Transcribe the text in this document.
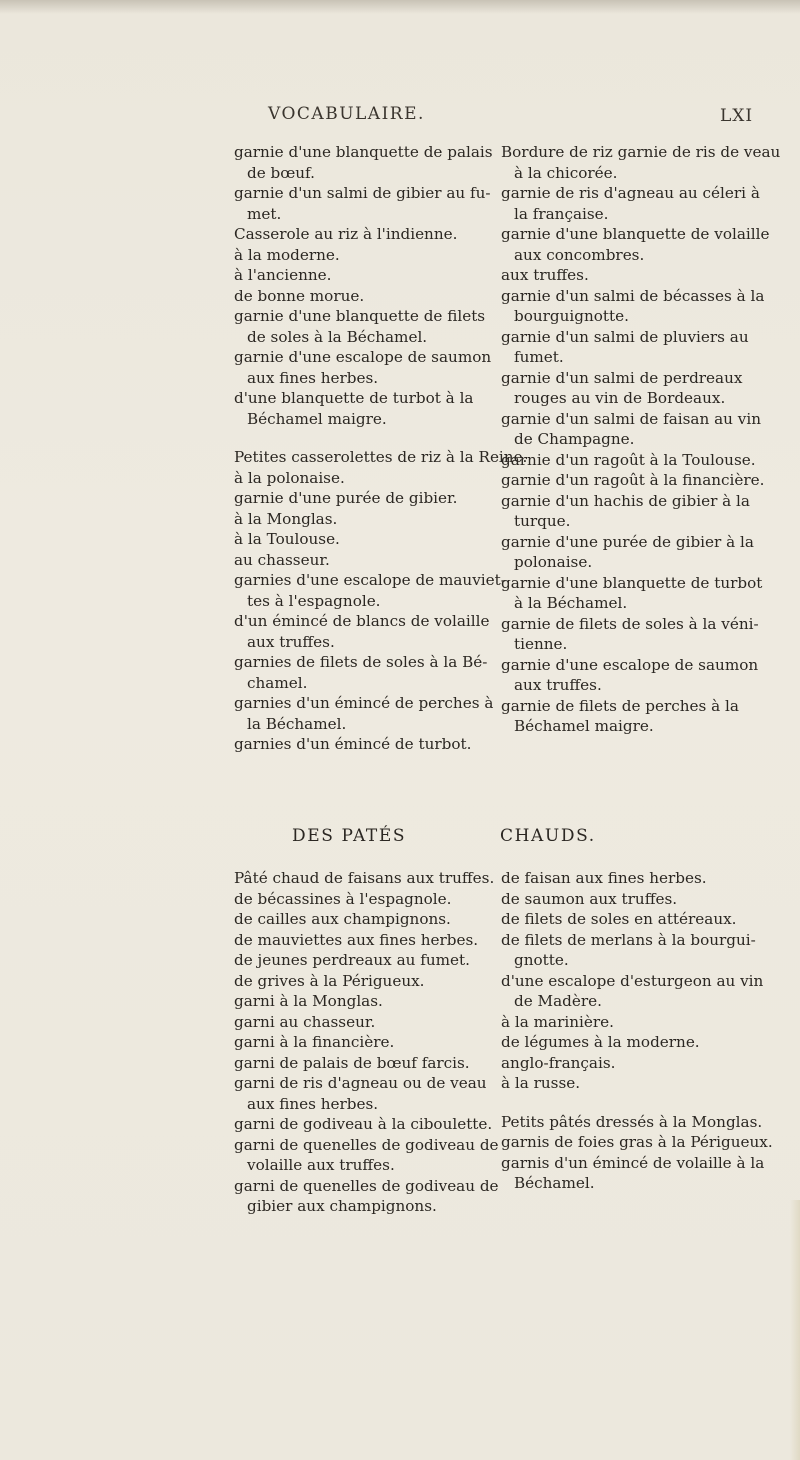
VOCABULAIRE.	LXI
garnie d'une blanquette de palais
de bœuf.
garnie d'un salmi de gibier au fu-
met.
Casserole au riz à l'indienne.
à la moderne.
à l'ancienne.
de bonne morue.
garnie d'une blanquette de filets
de soles à la Béchamel.
garnie d'une escalope de saumon
aux fines herbes.
d'une blanquette de turbot à la
Béchamel maigre.
Petites casserolettes de riz à la Reine.
à la polonaise.
garnie d'une purée de gibier.
à la Monglas.
à la Toulouse.
au chasseur.
garnies d'une escalope de mauviet-
tes à l'espagnole.
d'un émincé de blancs de volaille
aux truffes.
garnies de filets de soles à la Bé-
chamel.
garnies d'un émincé de perches à
la Béchamel.
garnies d'un émincé de turbot.
Bordure de riz garnie de ris de veau
à la chicorée.
garnie de ris d'agneau au céleri à
la française.
garnie d'une blanquette de volaille
aux concombres.
aux truffes.
garnie d'un salmi de bécasses à la
bourguignotte.
garnie d'un salmi de pluviers au
fumet.
garnie d'un salmi de perdreaux
rouges au vin de Bordeaux.
garnie d'un salmi de faisan au vin
de Champagne.
garnie d'un ragoût à la Toulouse.
garnie d'un ragoût à la financière.
garnie d'un hachis de gibier à la
turque.
garnie d'une purée de gibier à la
polonaise.
garnie d'une blanquette de turbot
à la Béchamel.
garnie de filets de soles à la véni-
tienne.
garnie d'une escalope de saumon
aux truffes.
garnie de filets de perches à la
Béchamel maigre.
DES PATÉS	CHAUDS.
Pâté chaud de faisans aux truffes.
de bécassines à l'espagnole.
de cailles aux champignons.
de mauviettes aux fines herbes.
de jeunes perdreaux au fumet.
de grives à la Périgueux.
garni à la Monglas.
garni au chasseur.
garni à la financière.
garni de palais de bœuf farcis.
garni de ris d'agneau ou de veau
aux fines herbes.
garni de godiveau à la ciboulette.
garni de quenelles de godiveau de
volaille aux truffes.
garni de quenelles de godiveau de
gibier aux champignons.
de faisan aux fines herbes.
de saumon aux truffes.
de filets de soles en attéreaux.
de filets de merlans à la bourgui-
gnotte.
d'une escalope d'esturgeon au vin
de Madère.
à la marinière.
de légumes à la moderne.
anglo-français.
à la russe.
Petits pâtés dressés à la Monglas.
garnis de foies gras à la Périgueux.
garnis d'un émincé de volaille à la
Béchamel.
